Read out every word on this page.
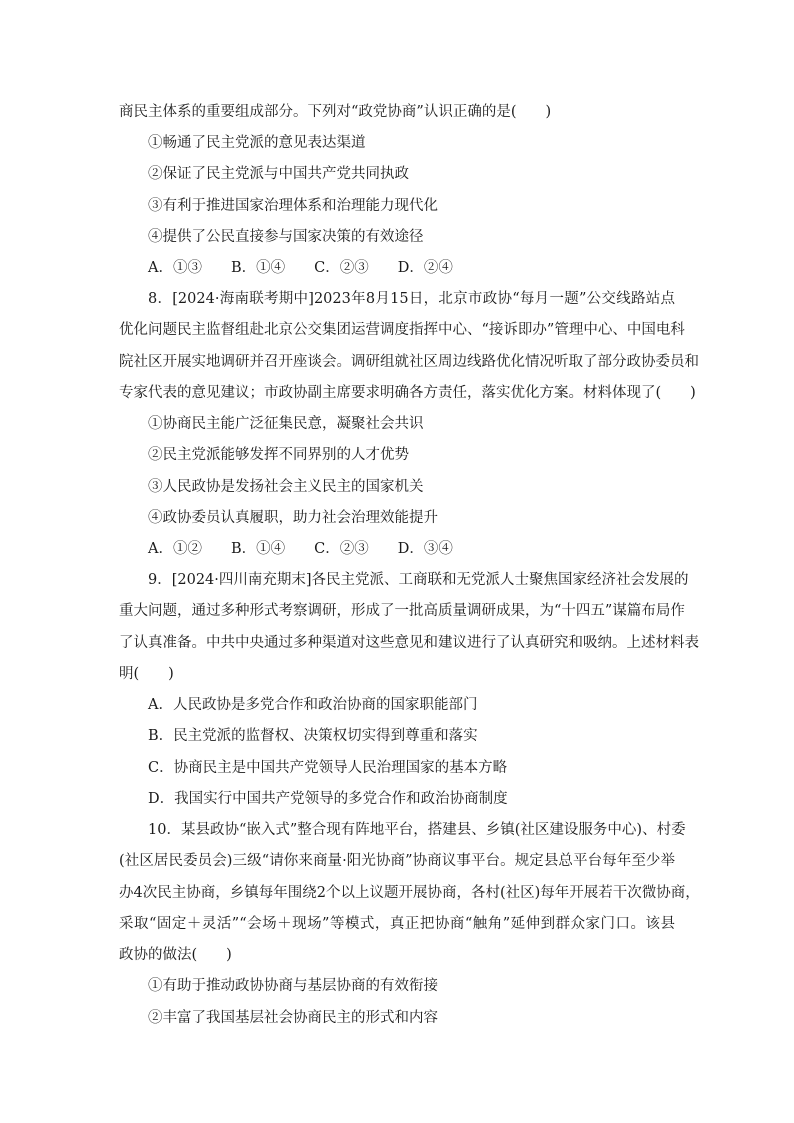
商民主体系的重要组成部分。下列对“政党协商”认识正确的是(　　)
①畅通了民主党派的意见表达渠道
②保证了民主党派与中国共产党共同执政
③有利于推进国家治理体系和治理能力现代化
④提供了公民直接参与国家决策的有效途径
A．①③　　B．①④　　C．②③　　D．②④
8．[2024·海南联考期中]2023年8月15日，北京市政协“每月一题”公交线路站点
优化问题民主监督组赴北京公交集团运营调度指挥中心、“接诉即办”管理中心、中国电科
院社区开展实地调研并召开座谈会。调研组就社区周边线路优化情况听取了部分政协委员和
专家代表的意见建议；市政协副主席要求明确各方责任，落实优化方案。材料体现了(　　)
①协商民主能广泛征集民意，凝聚社会共识
②民主党派能够发挥不同界别的人才优势
③人民政协是发扬社会主义民主的国家机关
④政协委员认真履职，助力社会治理效能提升
A．①②　　B．①④　　C．②③　　D．③④
9．[2024·四川南充期末]各民主党派、工商联和无党派人士聚焦国家经济社会发展的
重大问题，通过多种形式考察调研，形成了一批高质量调研成果，为“十四五”谋篇布局作
了认真准备。中共中央通过多种渠道对这些意见和建议进行了认真研究和吸纳。上述材料表
明(　　)
A．人民政协是多党合作和政治协商的国家职能部门
B．民主党派的监督权、决策权切实得到尊重和落实
C．协商民主是中国共产党领导人民治理国家的基本方略
D．我国实行中国共产党领导的多党合作和政治协商制度
10．某县政协“嵌入式”整合现有阵地平台，搭建县、乡镇(社区建设服务中心)、村委
(社区居民委员会)三级“请你来商量·阳光协商”协商议事平台。规定县总平台每年至少举
办4次民主协商，乡镇每年围绕2个以上议题开展协商，各村(社区)每年开展若干次微协商，
采取“固定＋灵活”“会场＋现场”等模式，真正把协商“触角”延伸到群众家门口。该县
政协的做法(　　)
①有助于推动政协协商与基层协商的有效衔接
②丰富了我国基层社会协商民主的形式和内容
